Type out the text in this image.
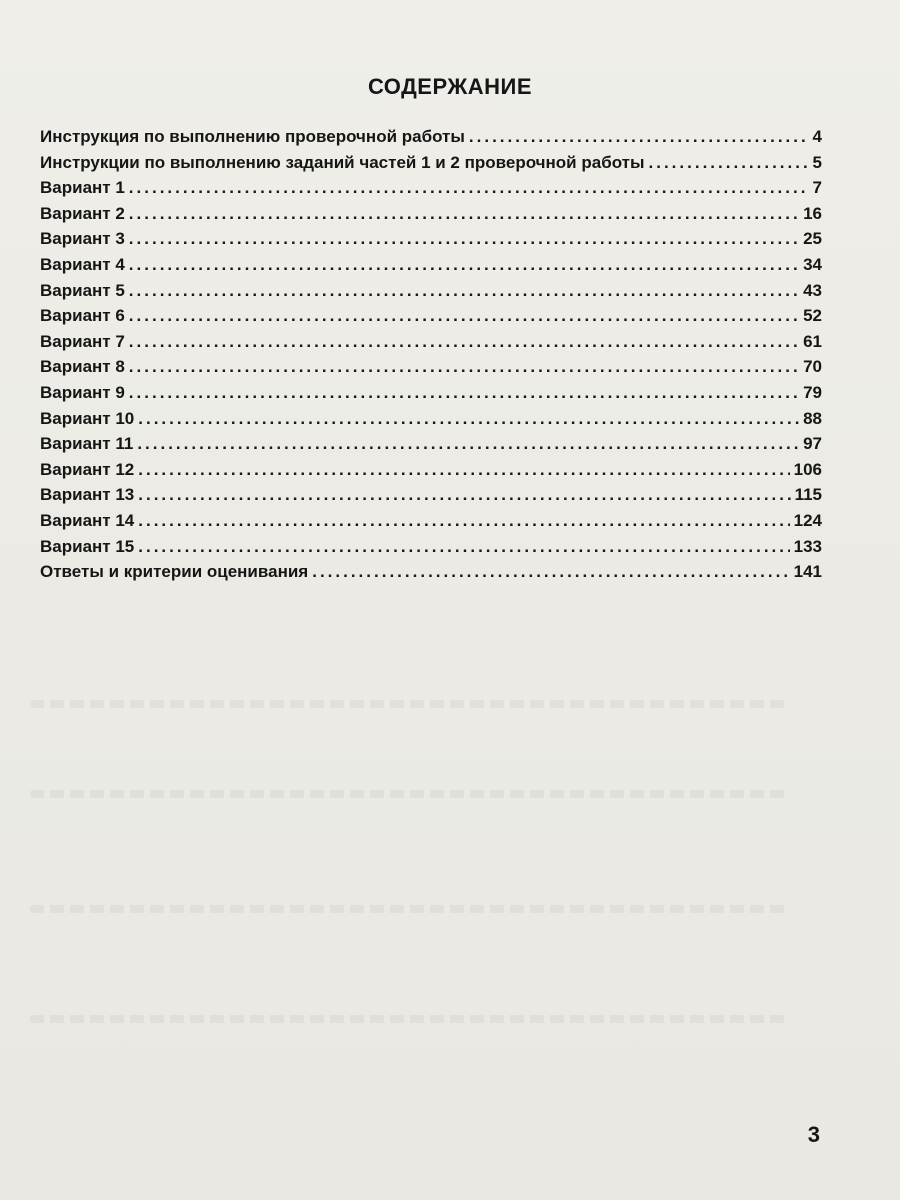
СОДЕРЖАНИЕ
Инструкция по выполнению проверочной работы .....	4
Инструкции по выполнению заданий частей 1 и 2 проверочной работы .....	5
Вариант 1 .....	7
Вариант 2 .....	16
Вариант 3 .....	25
Вариант 4 .....	34
Вариант 5 .....	43
Вариант 6 .....	52
Вариант 7 .....	61
Вариант 8 .....	70
Вариант 9 .....	79
Вариант 10 .....	88
Вариант 11 .....	97
Вариант 12 .....	106
Вариант 13 .....	115
Вариант 14 .....	124
Вариант 15 .....	133
Ответы и критерии оценивания .....	141
3
